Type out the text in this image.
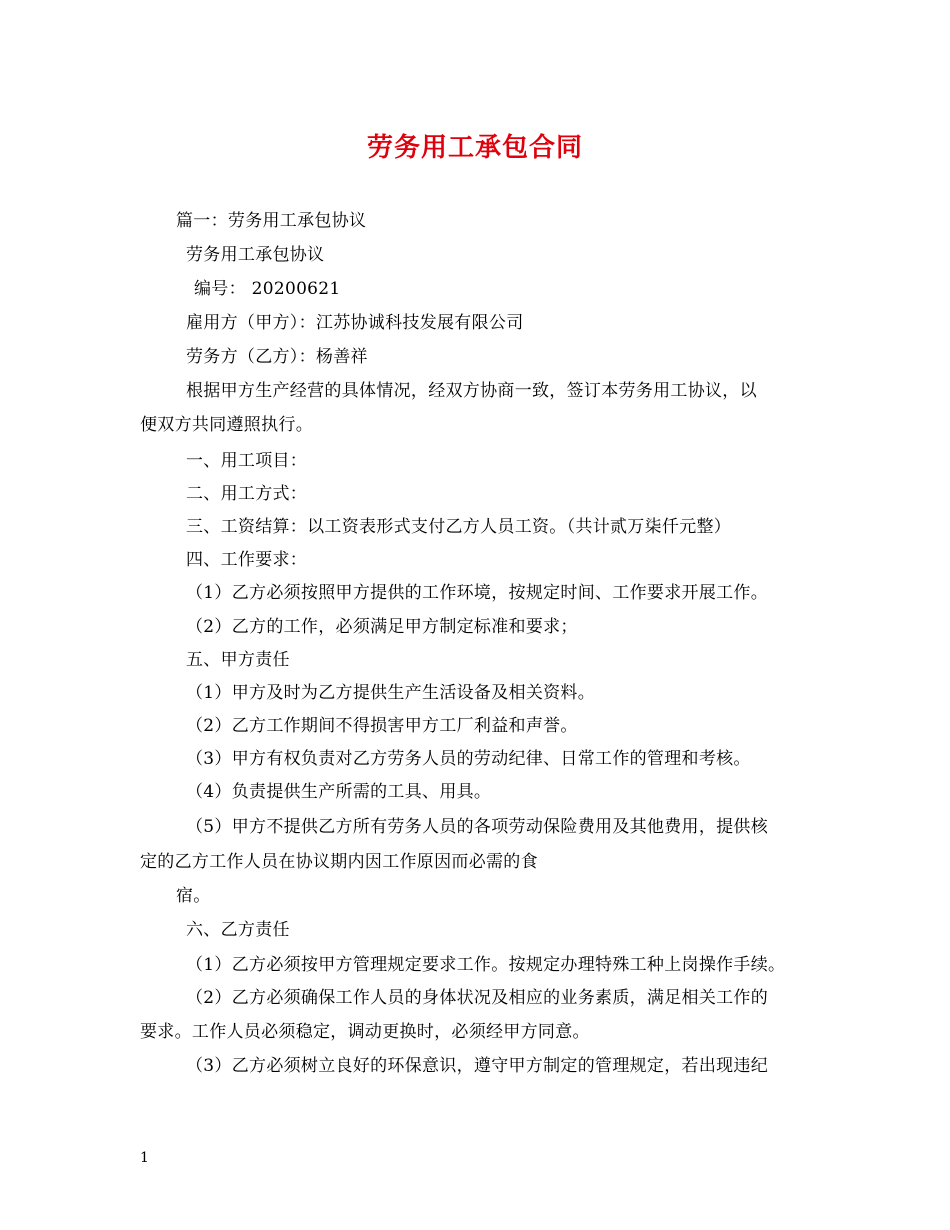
劳务用工承包合同
篇一：劳务用工承包协议
劳务用工承包协议
编号： 20200621
雇用方（甲方）：江苏协诚科技发展有限公司
劳务方（乙方）：杨善祥
根据甲方生产经营的具体情况，经双方协商一致，签订本劳务用工协议，以
便双方共同遵照执行。
一、用工项目：
二、用工方式：
三、工资结算：以工资表形式支付乙方人员工资。（共计贰万柒仟元整）
四、工作要求：
（1）乙方必须按照甲方提供的工作环境，按规定时间、工作要求开展工作。
（2）乙方的工作，必须满足甲方制定标准和要求；
五、甲方责任
（1）甲方及时为乙方提供生产生活设备及相关资料。
（2）乙方工作期间不得损害甲方工厂利益和声誉。
（3）甲方有权负责对乙方劳务人员的劳动纪律、日常工作的管理和考核。
（4）负责提供生产所需的工具、用具。
（5）甲方不提供乙方所有劳务人员的各项劳动保险费用及其他费用，提供核
定的乙方工作人员在协议期内因工作原因而必需的食
宿。
六、乙方责任
（1）乙方必须按甲方管理规定要求工作。按规定办理特殊工种上岗操作手续。
（2）乙方必须确保工作人员的身体状况及相应的业务素质，满足相关工作的
要求。工作人员必须稳定，调动更换时，必须经甲方同意。
（3）乙方必须树立良好的环保意识，遵守甲方制定的管理规定，若出现违纪
1
